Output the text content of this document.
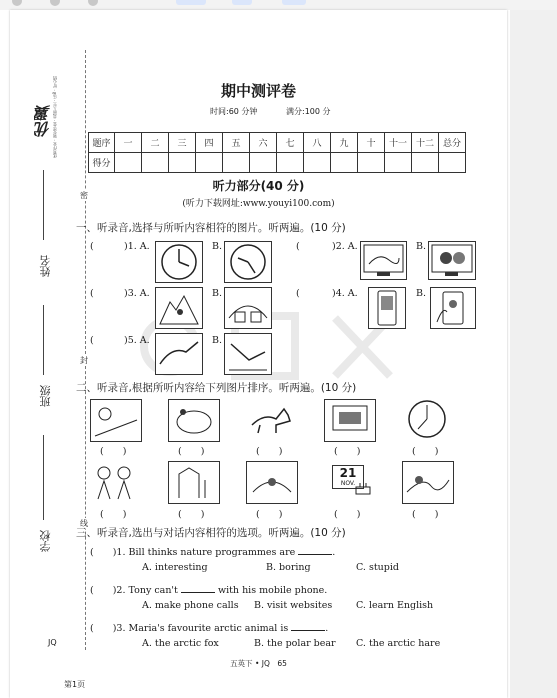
优翼 优秀作业 · 领先学堂 · 美丽人生 · 乐8 · 好心情
姓名
班级
学校
密
封
线
期中测评卷
时间:60 分钟	满分:100 分
题序	一	二	三	四	五	六	七	八	九	十	十一	十二	总分
得分													
听力部分(40 分)
(听力下载网址:www.youyi100.com)
一、听录音,选择与所听内容相符的图片。听两遍。(10 分)
(	)1. A.	B.	(	)2. A.	B.
(	)3. A.	B.	(	)4. A.	B.
(	)5. A.	B.
二、听录音,根据所听内容给下列图片排序。听两遍。(10 分)
(　　)	(　　)	(　　)	(　　)	(　　)
21
NOV.
(　　)	(　　)	(　　)	(　　)	(　　)
三、听录音,选出与对话内容相符的选项。听两遍。(10 分)
(　　)1. Bill thinks nature programmes are	.
A. interesting	B. boring	C. stupid
(　　)2. Tony can't	with his mobile phone.
A. make phone calls B. visit websites	C. learn English
(　　)3. Maria's favourite arctic animal is	.
A. the arctic fox	B. the polar bear C. the arctic hare
JQ
五英下 • JQ　65
第1页
